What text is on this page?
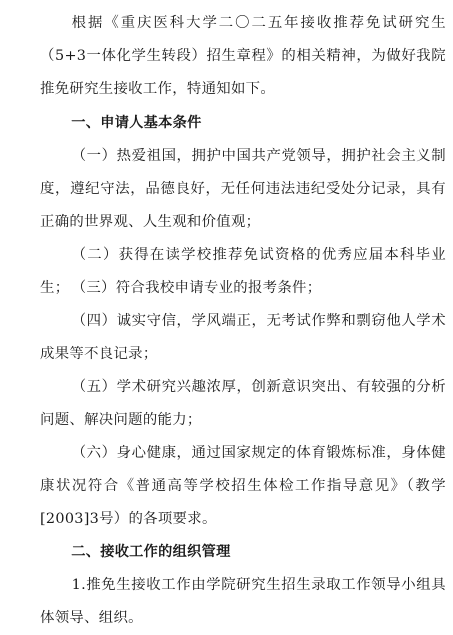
根据《重庆医科大学二〇二五年接收推荐免试研究生（5+3一体化学生转段）招生章程》的相关精神，为做好我院推免研究生接收工作，特通知如下。

一、申请人基本条件

（一）热爱祖国，拥护中国共产党领导，拥护社会主义制度，遵纪守法，品德良好，无任何违法违纪受处分记录，具有正确的世界观、人生观和价值观；

（二）获得在读学校推荐免试资格的优秀应届本科毕业生； （三）符合我校申请专业的报考条件；

（四）诚实守信，学风端正，无考试作弊和剽窃他人学术成果等不良记录；

（五）学术研究兴趣浓厚，创新意识突出、有较强的分析问题、解决问题的能力；

（六）身心健康，通过国家规定的体育锻炼标准，身体健康状况符合《普通高等学校招生体检工作指导意见》（教学[2003]3号）的各项要求。

二、接收工作的组织管理

1.推免生接收工作由学院研究生招生录取工作领导小组具体领导、组织。
